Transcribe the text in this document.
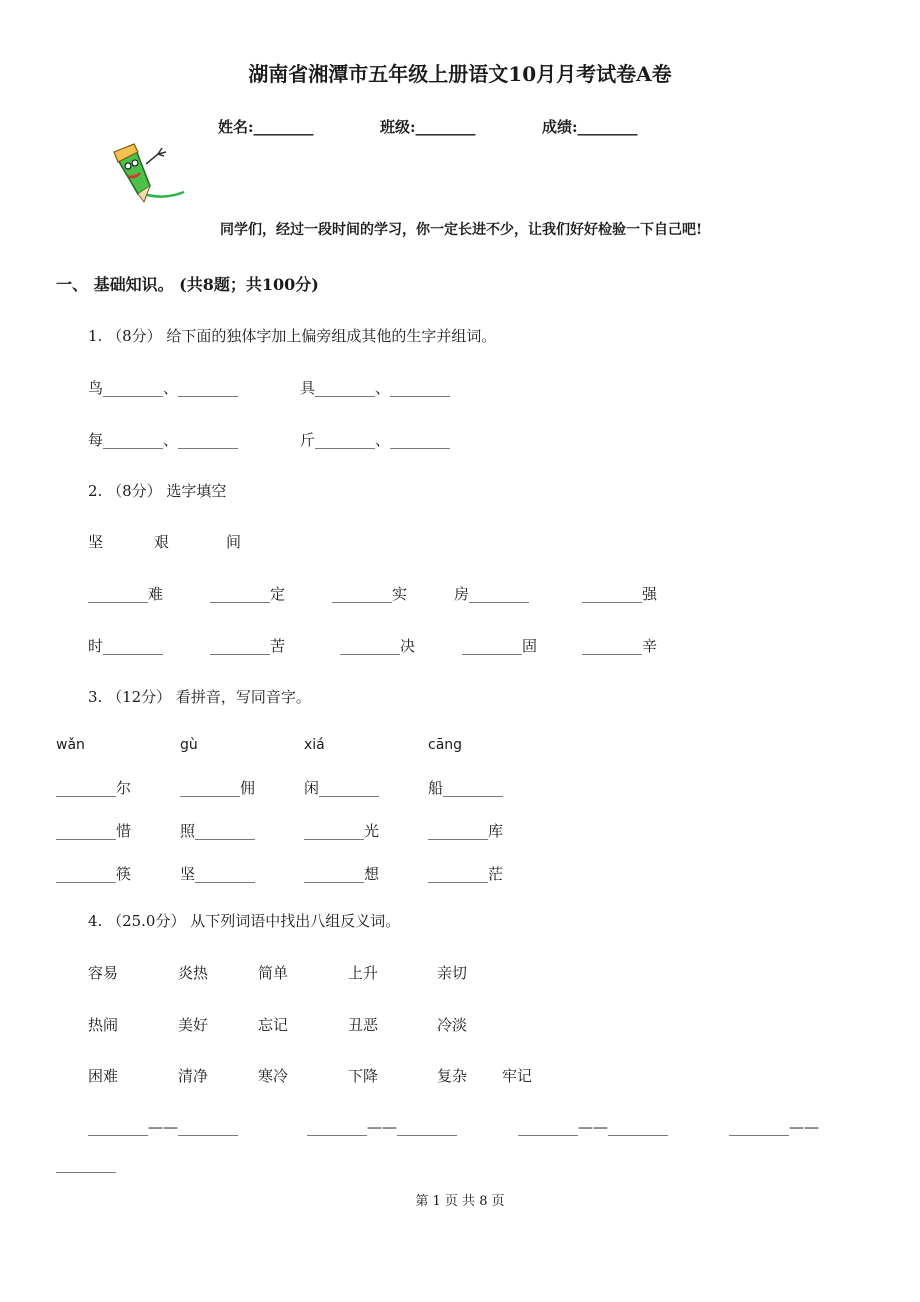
湖南省湘潭市五年级上册语文10月月考试卷A卷
姓名:________	班级:________	成绩:________
同学们，经过一段时间的学习，你一定长进不少，让我们好好检验一下自己吧!
一、 基础知识。 (共8题；共100分)
1. （8分） 给下面的独体字加上偏旁组成其他的生字并组词。
鸟________、________	具________、________
每________、________	斤________、________
2. （8分） 选字填空
坚	艰	间
________难	________定	________实	房________	________强
时________	________苦	________决	________固	________辛
3. （12分） 看拼音，写同音字。
wǎn	gù	xiá	cāng
________尔	________佣	闲________	船________
________惜	照________	________光	________库
________筷	坚________	________想	________茫
4. （25.0分） 从下列词语中找出八组反义词。
容易	炎热	简单	上升	亲切
热闹	美好	忘记	丑恶	冷淡
困难	清净	寒冷	下降	复杂 牢记
________——________	________——________	________——________	________——
________
第 1 页 共 8 页
